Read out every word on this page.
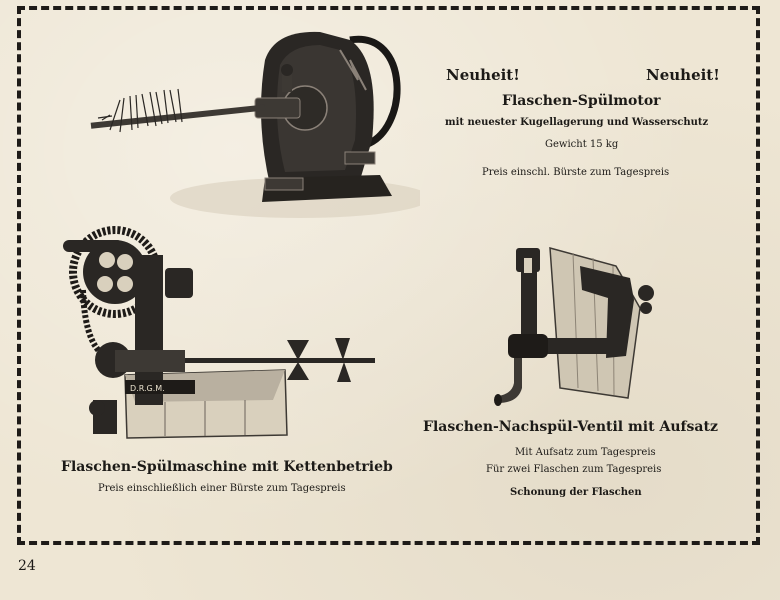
D.R.G.M.
Neuheit!	Neuheit!
Flaschen-Spülmotor
mit neuester Kugellagerung und Wasserschutz
Gewicht 15 kg
Preis einschl. Bürste zum Tagespreis
Flaschen-Spülmaschine mit Kettenbetrieb
Preis einschließlich einer Bürste zum Tagespreis
Flaschen-Nachspül-Ventil mit Aufsatz
Mit Aufsatz zum Tagespreis
Für zwei Flaschen zum Tagespreis
Schonung der Flaschen
24
